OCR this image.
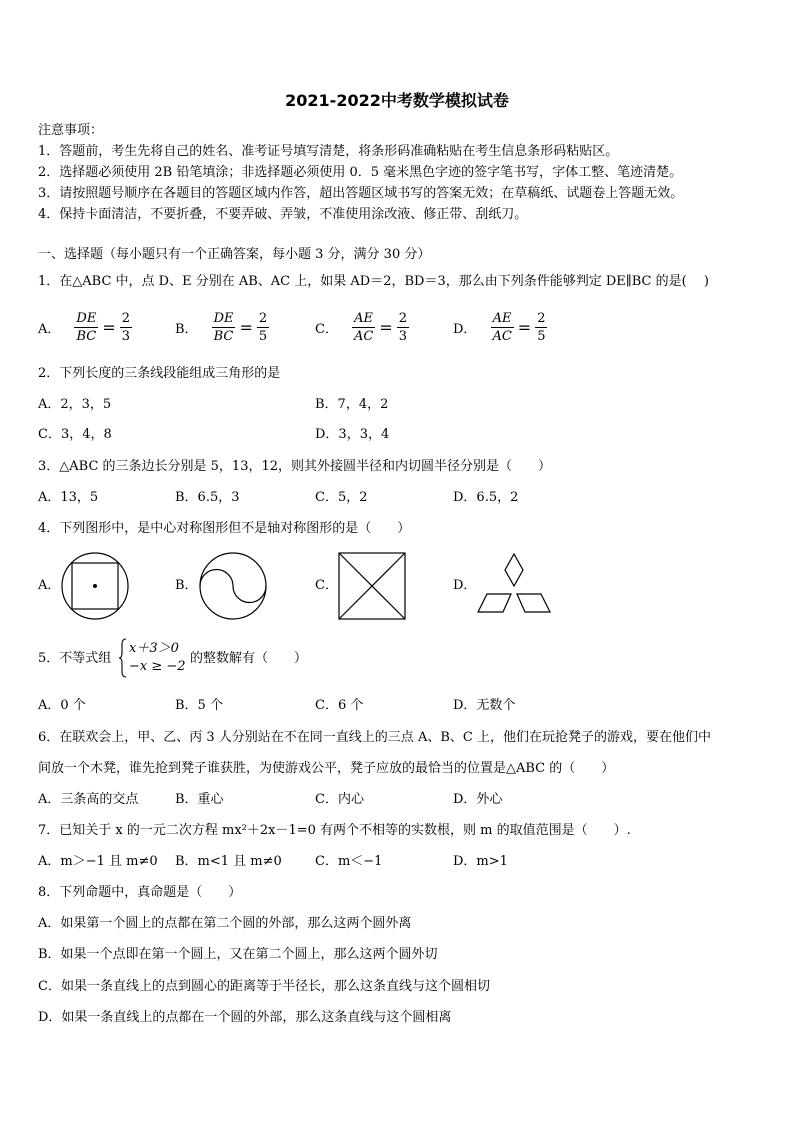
2021-2022中考数学模拟试卷
注意事项：
1．答题前，考生先将自己的姓名、准考证号填写清楚，将条形码准确粘贴在考生信息条形码粘贴区。
2．选择题必须使用 2B 铅笔填涂；非选择题必须使用 0．5 毫米黑色字迹的签字笔书写，字体工整、笔迹清楚。
3．请按照题号顺序在各题目的答题区域内作答，超出答题区域书写的答案无效；在草稿纸、试题卷上答题无效。
4．保持卡面清洁，不要折叠，不要弄破、弄皱，不准使用涂改液、修正带、刮纸刀。
一、选择题（每小题只有一个正确答案，每小题 3 分，满分 30 分）
1．在△ABC 中，点 D、E 分别在 AB、AC 上，如果 AD＝2，BD＝3，那么由下列条件能够判定 DE∥BC 的是(　 )
A． $\frac{DE}{BC} = \frac{2}{3}$	B． $\frac{DE}{BC} = \frac{2}{5}$	C． $\frac{AE}{AC} = \frac{2}{3}$	D． $\frac{AE}{AC} = \frac{2}{5}$
2．下列长度的三条线段能组成三角形的是
A．2，3，5	B．7，4，2
C．3，4，8	D．3，3，4
3．△ABC 的三条边长分别是 5，13，12，则其外接圆半径和内切圆半径分别是（　　）
A．13，5	B．6.5，3	C．5，2	D．6.5，2
4．下列图形中，是中心对称图形但不是轴对称图形的是（　　）
A．	B．	C．	D．
5．不等式组
x＋3＞0
−x ≥ −2
的整数解有（　　）
A．0 个	B．5 个	C．6 个	D．无数个
6．在联欢会上，甲、乙、丙 3 人分别站在不在同一直线上的三点 A、B、C 上，他们在玩抢凳子的游戏，要在他们中
间放一个木凳，谁先抢到凳子谁获胜，为使游戏公平，凳子应放的最恰当的位置是△ABC 的（　　）
A．三条高的交点	B．重心	C．内心	D．外心
7．已知关于 x 的一元二次方程 mx²＋2x－1=0 有两个不相等的实数根，则 m 的取值范围是（　　）.
A．m＞−1 且 m≠0 B．m<1 且 m≠0	C．m＜−1	D．m>1
8．下列命题中，真命题是（　　）
A．如果第一个圆上的点都在第二个圆的外部，那么这两个圆外离
B．如果一个点即在第一个圆上，又在第二个圆上，那么这两个圆外切
C．如果一条直线上的点到圆心的距离等于半径长，那么这条直线与这个圆相切
D．如果一条直线上的点都在一个圆的外部，那么这条直线与这个圆相离
